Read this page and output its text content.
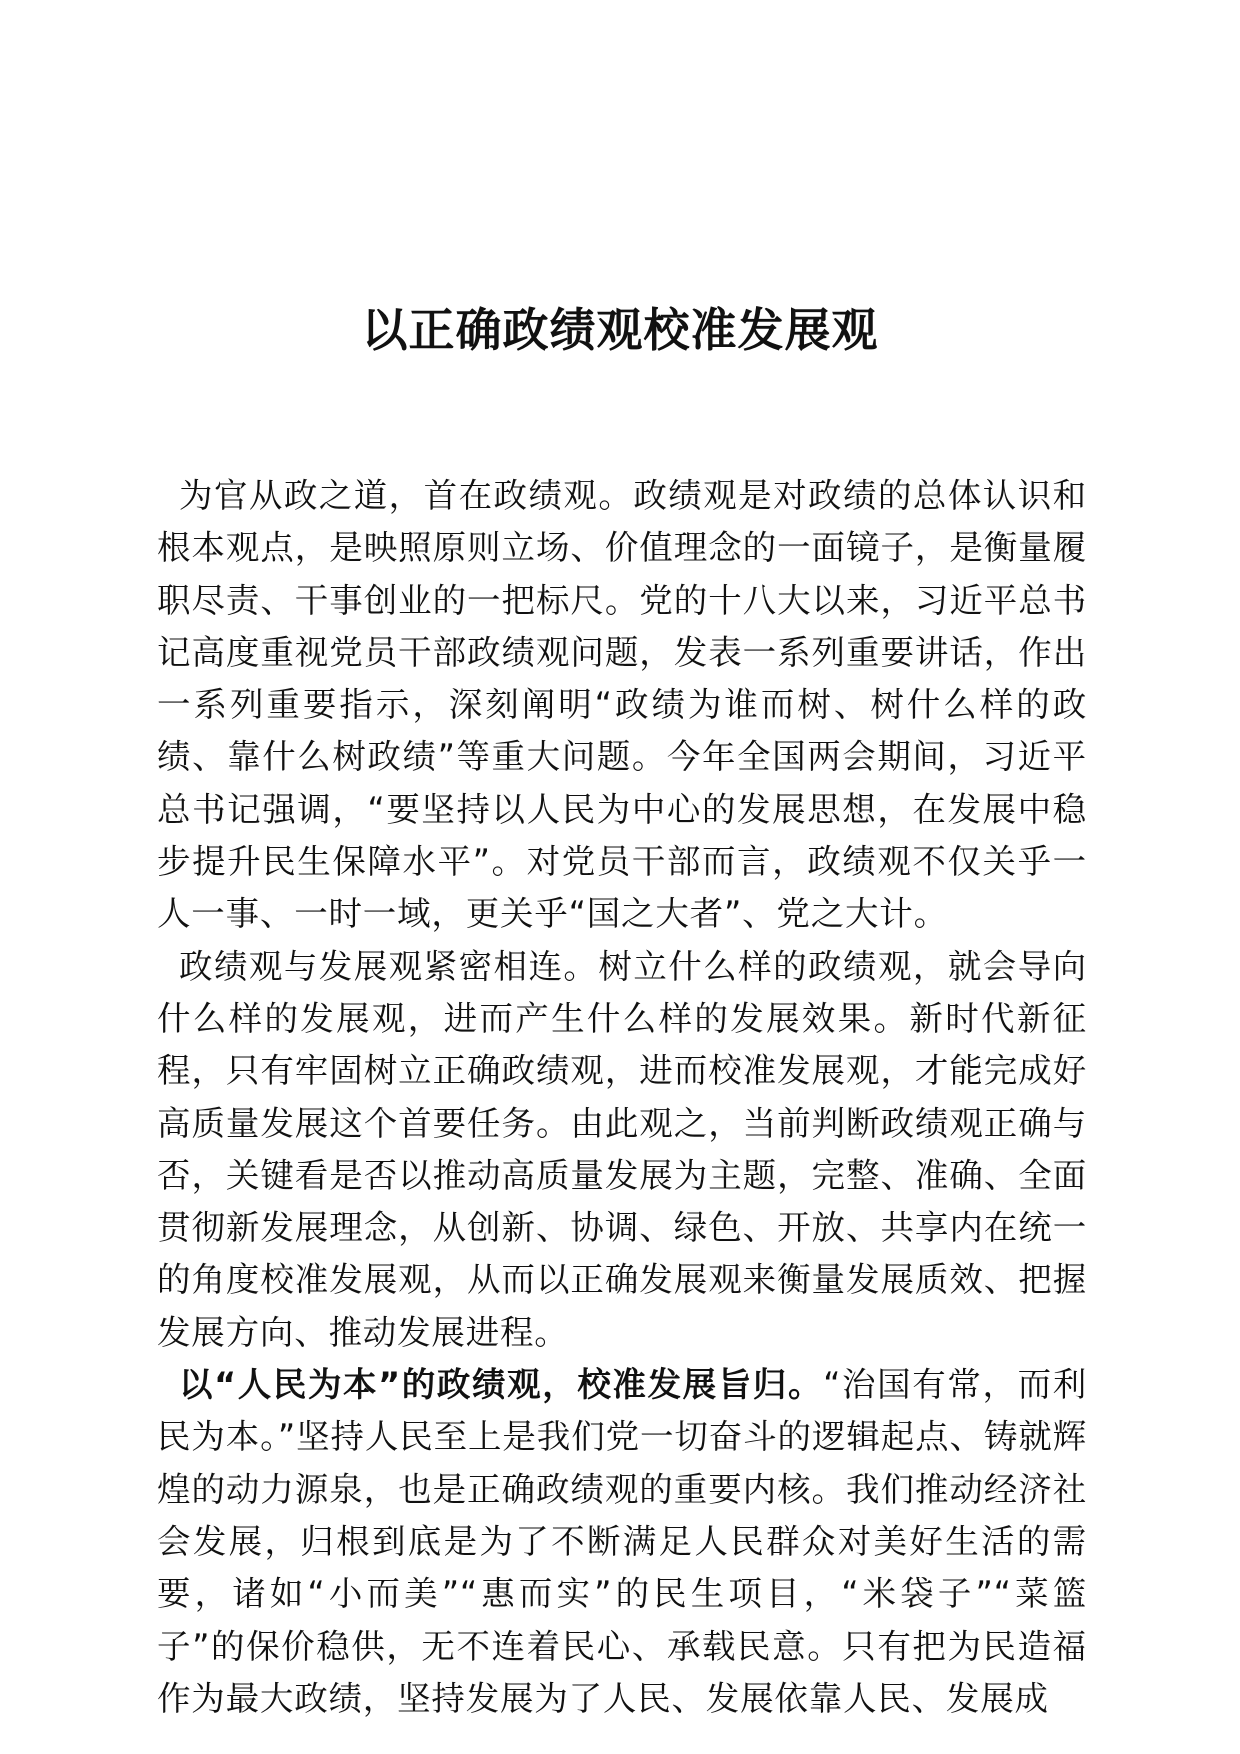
以正确政绩观校准发展观

为官从政之道，首在政绩观。政绩观是对政绩的总体认识和根本观点，是映照原则立场、价值理念的一面镜子，是衡量履职尽责、干事创业的一把标尺。党的十八大以来，习近平总书记高度重视党员干部政绩观问题，发表一系列重要讲话，作出一系列重要指示，深刻阐明“政绩为谁而树、树什么样的政绩、靠什么树政绩”等重大问题。今年全国两会期间，习近平总书记强调，“要坚持以人民为中心的发展思想，在发展中稳步提升民生保障水平”。对党员干部而言，政绩观不仅关乎一人一事、一时一域，更关乎“国之大者”、党之大计。

政绩观与发展观紧密相连。树立什么样的政绩观，就会导向什么样的发展观，进而产生什么样的发展效果。新时代新征程，只有牢固树立正确政绩观，进而校准发展观，才能完成好高质量发展这个首要任务。由此观之，当前判断政绩观正确与否，关键看是否以推动高质量发展为主题，完整、准确、全面贯彻新发展理念，从创新、协调、绿色、开放、共享内在统一的角度校准发展观，从而以正确发展观来衡量发展质效、把握发展方向、推动发展进程。

以“人民为本”的政绩观，校准发展旨归。“治国有常，而利民为本。”坚持人民至上是我们党一切奋斗的逻辑起点、铸就辉煌的动力源泉，也是正确政绩观的重要内核。我们推动经济社会发展，归根到底是为了不断满足人民群众对美好生活的需要，诸如“小而美”“惠而实”的民生项目，“米袋子”“菜篮子”的保价稳供，无不连着民心、承载民意。只有把为民造福作为最大政绩，坚持发展为了人民、发展依靠人民、发展成
